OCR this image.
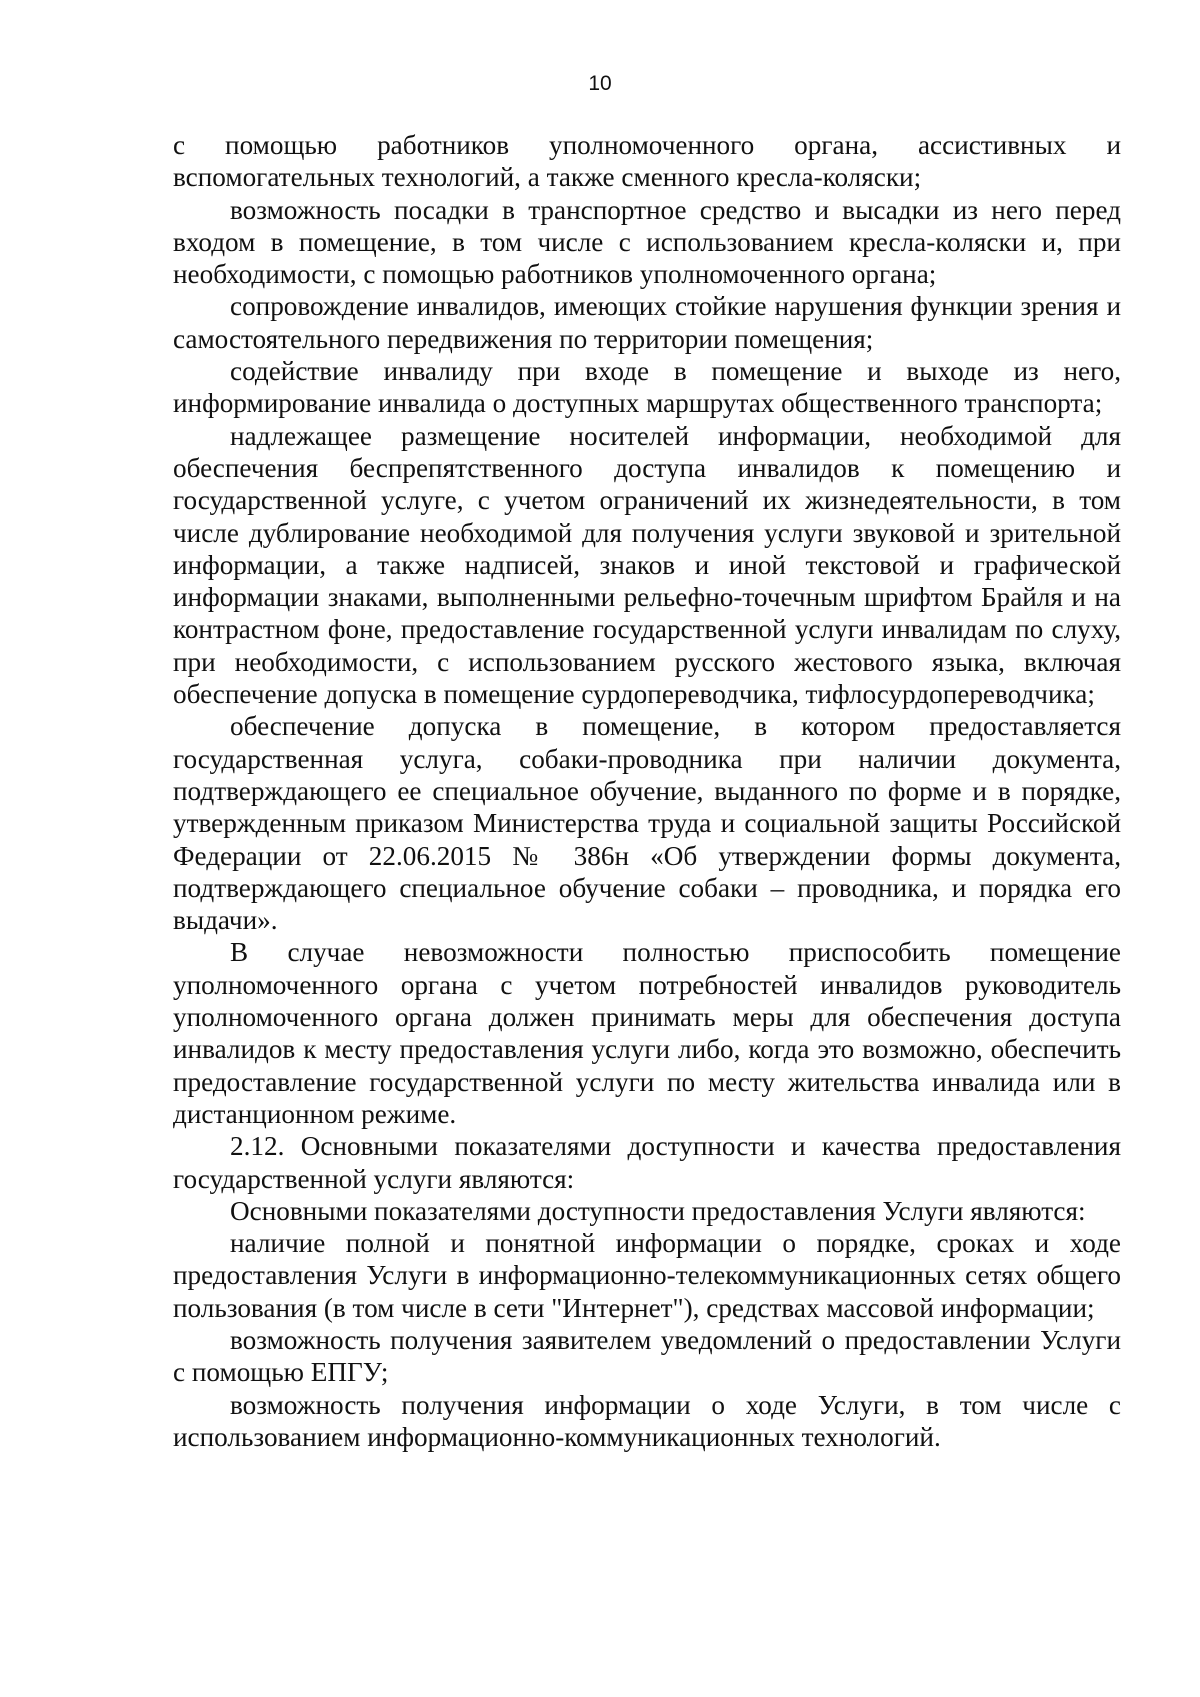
10

с помощью работников уполномоченного органа, ассистивных и вспомогательных технологий, а также сменного кресла-коляски;

возможность посадки в транспортное средство и высадки из него перед входом в помещение, в том числе с использованием кресла-коляски и, при необходимости, с помощью работников уполномоченного органа;

сопровождение инвалидов, имеющих стойкие нарушения функции зрения и самостоятельного передвижения по территории помещения;

содействие инвалиду при входе в помещение и выходе из него, информирование инвалида о доступных маршрутах общественного транспорта;

надлежащее размещение носителей информации, необходимой для обеспечения беспрепятственного доступа инвалидов к помещению и государственной услуге, с учетом ограничений их жизнедеятельности, в том числе дублирование необходимой для получения услуги звуковой и зрительной информации, а также надписей, знаков и иной текстовой и графической информации знаками, выполненными рельефно-точечным шрифтом Брайля и на контрастном фоне, предоставление государственной услуги инвалидам по слуху, при необходимости, с использованием русского жестового языка, включая обеспечение допуска в помещение сурдопереводчика, тифлосурдопереводчика;

обеспечение допуска в помещение, в котором предоставляется государственная услуга, собаки-проводника при наличии документа, подтверждающего ее специальное обучение, выданного по форме и в порядке, утвержденным приказом Министерства труда и социальной защиты Российской Федерации от 22.06.2015 № 386н «Об утверждении формы документа, подтверждающего специальное обучение собаки – проводника, и порядка его выдачи».

В случае невозможности полностью приспособить помещение уполномоченного органа с учетом потребностей инвалидов руководитель уполномоченного органа должен принимать меры для обеспечения доступа инвалидов к месту предоставления услуги либо, когда это возможно, обеспечить предоставление государственной услуги по месту жительства инвалида или в дистанционном режиме.

2.12. Основными показателями доступности и качества предоставления государственной услуги являются:

Основными показателями доступности предоставления Услуги являются:

наличие полной и понятной информации о порядке, сроках и ходе предоставления Услуги в информационно-телекоммуникационных сетях общего пользования (в том числе в сети "Интернет"), средствах массовой информации;

возможность получения заявителем уведомлений о предоставлении Услуги с помощью ЕПГУ;

возможность получения информации о ходе Услуги, в том числе с использованием информационно-коммуникационных технологий.
